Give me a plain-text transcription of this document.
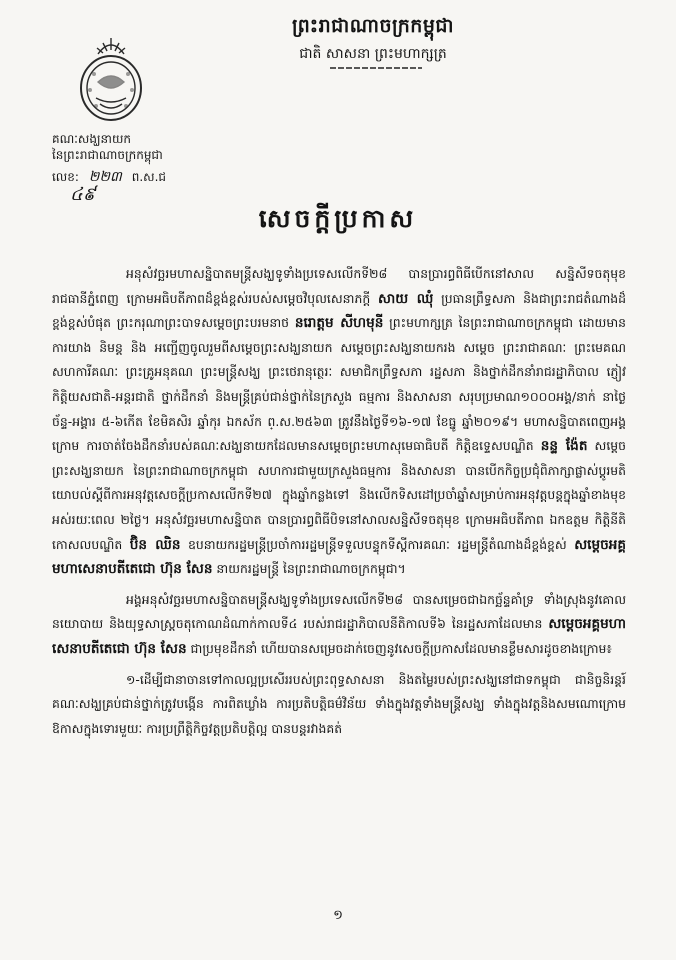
ព្រះរាជាណាចក្រកម្ពុជា
ជាតិ សាសនា ព្រះមហាក្សត្រ
គណៈសង្ឃនាយក
នៃព្រះរាជាណាចក្រកម្ពុជា
លេខ: ២២៣ ព.ស.ជ
៤៩
សេចក្តីប្រកាស

អនុសំវច្ឆរមហាសន្និបាតមន្ត្រីសង្ឃទូទាំងប្រទេសលើកទី២៨ បានប្រារព្ធពិធីបើកនៅសាល សន្និសីទចតុមុខ រាជធានីភ្នំពេញ ក្រោមអធិបតីភាពដ៏ខ្ពង់ខ្ពស់របស់សម្តេចវិបុលសេនាភក្តី សាយ ឈុំ ប្រធានព្រឹទ្ធសភា និងជាព្រះរាជតំណាងដ៏ខ្ពង់ខ្ពស់បំផុត ព្រះករុណាព្រះបាទសម្តេចព្រះបរមនាថ នរោត្តម សីហមុនី ព្រះមហាក្សត្រ នៃព្រះរាជាណាចក្រកម្ពុជា ដោយមានការយាង និមន្ត និង អញ្ជើញចូលរួមពីសម្តេចព្រះសង្ឃនាយក សម្តេចព្រះសង្ឃនាយករង សម្តេច ព្រះរាជាគណៈ ព្រះមេគណ សហការីគណៈ ព្រះគ្រូអនុគណ ព្រះមន្ត្រីសង្ឃ ព្រះថេរានុត្ថេរៈ សមាជិកព្រឹទ្ធសភា រដ្ឋសភា និងថ្នាក់ដឹកនាំរាជរដ្ឋាភិបាល ភ្ញៀវកិត្តិយសជាតិ-អន្តរជាតិ ថ្នាក់ដឹកនាំ និងមន្ត្រីគ្រប់ជាន់ថ្នាក់នៃក្រសួង ធម្មការ និងសាសនា សរុបប្រមាណ១០០០អង្គ/នាក់ នាថ្ងៃច័ន្ទ-អង្គារ ៥-៦កើត ខែមិគសិរ ឆ្នាំកុរ ឯកស័ក ព្.ស.២៥៦៣ ត្រូវនឹងថ្ងៃទី១៦-១៧ ខែធ្នូ ឆ្នាំ២០១៩។ មហាសន្និបាតពេញអង្គ ក្រោម ការចាត់ចែងដឹកនាំរបស់គណៈសង្ឃនាយកដែលមានសម្តេចព្រះមហាសុមេធាធិបតី កិត្តិឧទ្ទេសបណ្ឌិត នន្ទ ង៉ែត សម្តេចព្រះសង្ឃនាយក នៃព្រះរាជាណាចក្រកម្ពុជា សហការជាមួយក្រសួងធម្មការ និងសាសនា បានបើកកិច្ចប្រជុំពិភាក្សាផ្លាស់ប្តូរមតិយោបល់ស្តីពីការអនុវត្តសេចក្តីប្រកាសលើកទី២៧ ក្នុងឆ្នាំកន្លងទៅ និងលើកទិសដៅប្រចាំឆ្នាំសម្រាប់ការអនុវត្តបន្តក្នុងឆ្នាំខាងមុខអស់រយៈពេល ២ថ្ងៃ។ អនុសំវច្ឆរមហាសន្និបាត បានប្រារព្ធពិធីបិទនៅសាលសន្និសីទចតុមុខ ក្រោមអធិបតីភាព ឯកឧត្តម កិត្តិនីតិកោសលបណ្ឌិត ប៊ិន ឈិន ឧបនាយករដ្ឋមន្ត្រីប្រចាំការរដ្ឋមន្ត្រីទទួលបន្ទុកទីស្តីការគណៈ រដ្ឋមន្ត្រីតំណាងដ៏ខ្ពង់ខ្ពស់ សម្តេចអគ្គមហាសេនាបតីតេជោ ហ៊ុន សែន នាយករដ្ឋមន្ត្រី នៃព្រះរាជាណាចក្រកម្ពុជា។

អង្គអនុសំវច្ឆរមហាសន្និបាតមន្ត្រីសង្ឃទូទាំងប្រទេសលើកទី២៨ បានសម្រេចជាឯកច្ឆ័ន្ទគាំទ្រ ទាំងស្រុងនូវគោលនយោបាយ និងយុទ្ធសាស្ត្រចតុកោណដំណាក់កាលទី៤ របស់រាជរដ្ឋាភិបាលនីតិកាលទី៦ នៃរដ្ឋសភាដែលមាន សម្តេចអគ្គមហាសេនាបតីតេជោ ហ៊ុន សែន ជាប្រមុខដឹកនាំ ហើយបានសម្រេចដាក់ចេញនូវសេចក្តីប្រកាសដែលមានខ្លឹមសារដូចខាងក្រោម៖

១-ដើម្បីជានាចានទៅកាលល្អប្រសើររបស់ព្រះពុទ្ធសាសនា និងតម្លៃរបស់ព្រះសង្ឃនៅជាទកម្ពុជា ជានិច្ចនិរន្តរ៍ គណៈសង្ឃគ្រប់ជាន់ថ្នាក់ត្រូវបង្កើន ការពិតឃ្លាំង ការប្រតិបត្តិធម៌វិន័យ ទាំងក្នុងវត្តទាំងមន្ត្រីសង្ឃ ទាំងក្នុងវត្តនិងសមណោក្រោមឱកាសក្នុងទោរមួយៈ ការប្រព្រឹត្តិកិច្ចវត្តប្រតិបត្តិល្អ បានបន្តរវាងគត់

១
